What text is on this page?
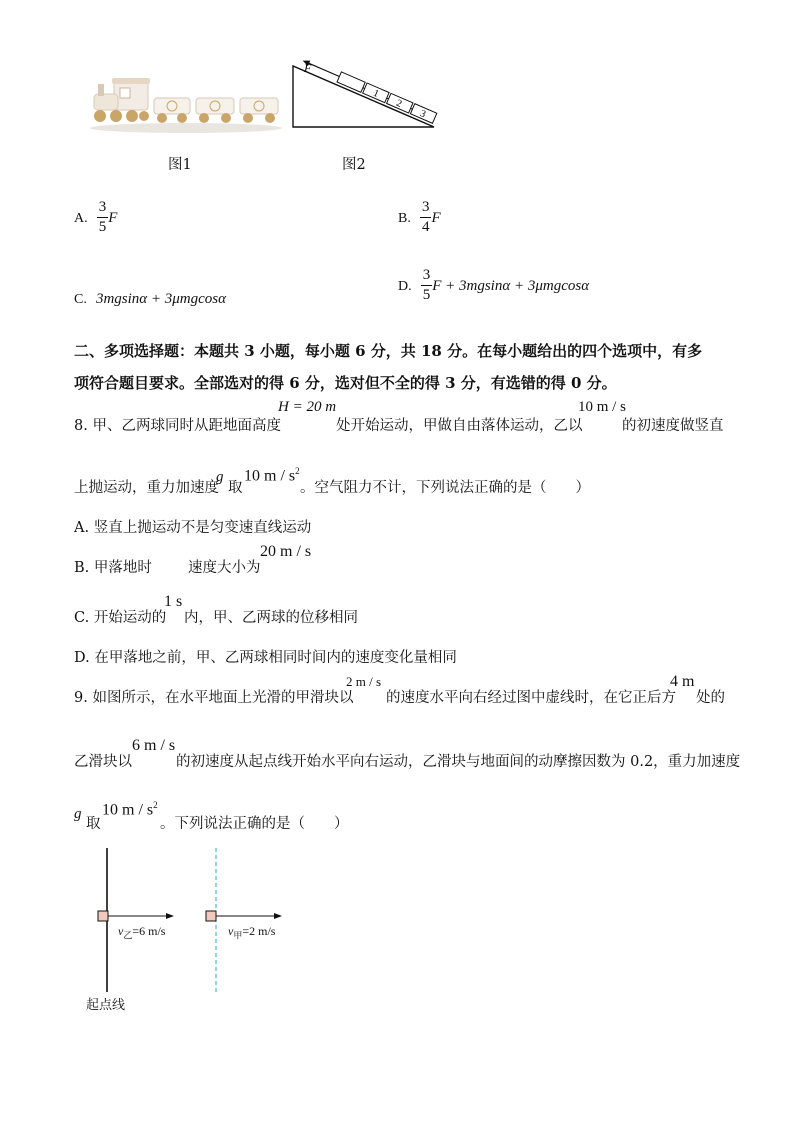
图1
1
2
3
F
图2
A. $\frac{3}{5}$ F	B. $\frac{3}{4}$ F
C. 3mgsinα + 3μmgcosα
D. $\frac{3}{5}$ F + 3mgsinα + 3μmgcosα
二、多项选择题：本题共 3 小题，每小题 6 分，共 18 分。在每小题给出的四个选项中，有多
项符合题目要求。全部选对的得 6 分，选对但不全的得 3 分，有选错的得 0 分。
8. 甲、乙两球同时从距地面高度
H = 20 m
处开始运动，甲做自由落体运动，乙以
10 m / s
的初速度做竖直
上抛运动，重力加速度
g
取
10 m / $s^2$
。空气阻力不计，下列说法正确的是（　　）
A. 竖直上抛运动不是匀变速直线运动
B. 甲落地时 速度大小为
20 m / s
C. 开始运动的
1 s
内，甲、乙两球的位移相同
D. 在甲落地之前，甲、乙两球相同时间内的速度变化量相同
9. 如图所示，在水平地面上光滑的甲滑块以
2 m / s
的速度水平向右经过图中虚线时，在它正后方
4 m
处的
乙滑块以
6 m / s
的初速度从起点线开始水平向右运动，乙滑块与地面间的动摩擦因数为 0.2，重力加速度
g
取
10 m / $s^2$
。下列说法正确的是（　　）
$v_乙=6$ m/s	$v_甲=2$ m/s
起点线
